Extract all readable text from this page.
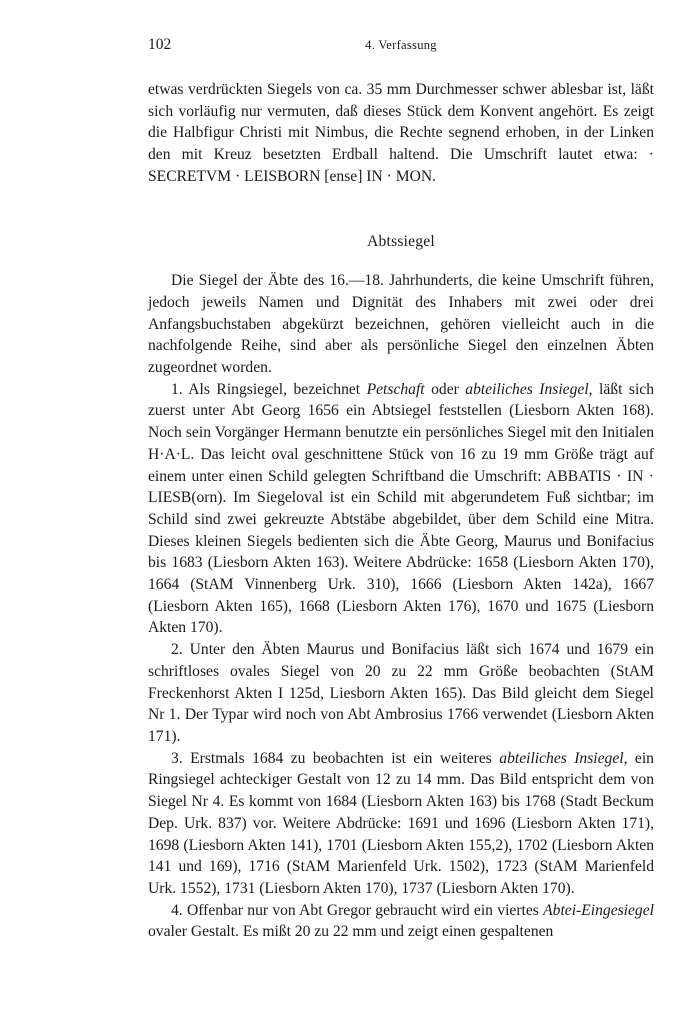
102	4. Verfassung

etwas verdrückten Siegels von ca. 35 mm Durchmesser schwer ablesbar ist, läßt sich vorläufig nur vermuten, daß dieses Stück dem Konvent angehört. Es zeigt die Halbfigur Christi mit Nimbus, die Rechte segnend erhoben, in der Linken den mit Kreuz besetzten Erdball haltend. Die Umschrift lautet etwa: · SECRETVM · LEISBORN [ense] IN · MON.

Abtssiegel

Die Siegel der Äbte des 16.—18. Jahrhunderts, die keine Umschrift führen, jedoch jeweils Namen und Dignität des Inhabers mit zwei oder drei Anfangsbuchstaben abgekürzt bezeichnen, gehören vielleicht auch in die nachfolgende Reihe, sind aber als persönliche Siegel den einzelnen Äbten zugeordnet worden.

1. Als Ringsiegel, bezeichnet Petschaft oder abteiliches Insiegel, läßt sich zuerst unter Abt Georg 1656 ein Abtsiegel feststellen (Liesborn Akten 168). Noch sein Vorgänger Hermann benutzte ein persönliches Siegel mit den Initialen H·A·L. Das leicht oval geschnittene Stück von 16 zu 19 mm Größe trägt auf einem unter einen Schild gelegten Schriftband die Umschrift: ABBATIS · IN · LIESB(orn). Im Siegeloval ist ein Schild mit abgerundetem Fuß sichtbar; im Schild sind zwei gekreuzte Abtstäbe abgebildet, über dem Schild eine Mitra. Dieses kleinen Siegels bedienten sich die Äbte Georg, Maurus und Bonifacius bis 1683 (Liesborn Akten 163). Weitere Abdrücke: 1658 (Liesborn Akten 170), 1664 (StAM Vinnenberg Urk. 310), 1666 (Liesborn Akten 142a), 1667 (Liesborn Akten 165), 1668 (Liesborn Akten 176), 1670 und 1675 (Liesborn Akten 170).

2. Unter den Äbten Maurus und Bonifacius läßt sich 1674 und 1679 ein schriftloses ovales Siegel von 20 zu 22 mm Größe beobachten (StAM Freckenhorst Akten I 125d, Liesborn Akten 165). Das Bild gleicht dem Siegel Nr 1. Der Typar wird noch von Abt Ambrosius 1766 verwendet (Liesborn Akten 171).

3. Erstmals 1684 zu beobachten ist ein weiteres abteiliches Insiegel, ein Ringsiegel achteckiger Gestalt von 12 zu 14 mm. Das Bild entspricht dem von Siegel Nr 4. Es kommt von 1684 (Liesborn Akten 163) bis 1768 (Stadt Beckum Dep. Urk. 837) vor. Weitere Abdrücke: 1691 und 1696 (Liesborn Akten 171), 1698 (Liesborn Akten 141), 1701 (Liesborn Akten 155,2), 1702 (Liesborn Akten 141 und 169), 1716 (StAM Marienfeld Urk. 1502), 1723 (StAM Marienfeld Urk. 1552), 1731 (Liesborn Akten 170), 1737 (Liesborn Akten 170).

4. Offenbar nur von Abt Gregor gebraucht wird ein viertes Abtei-Eingesiegel ovaler Gestalt. Es mißt 20 zu 22 mm und zeigt einen gespaltenen
